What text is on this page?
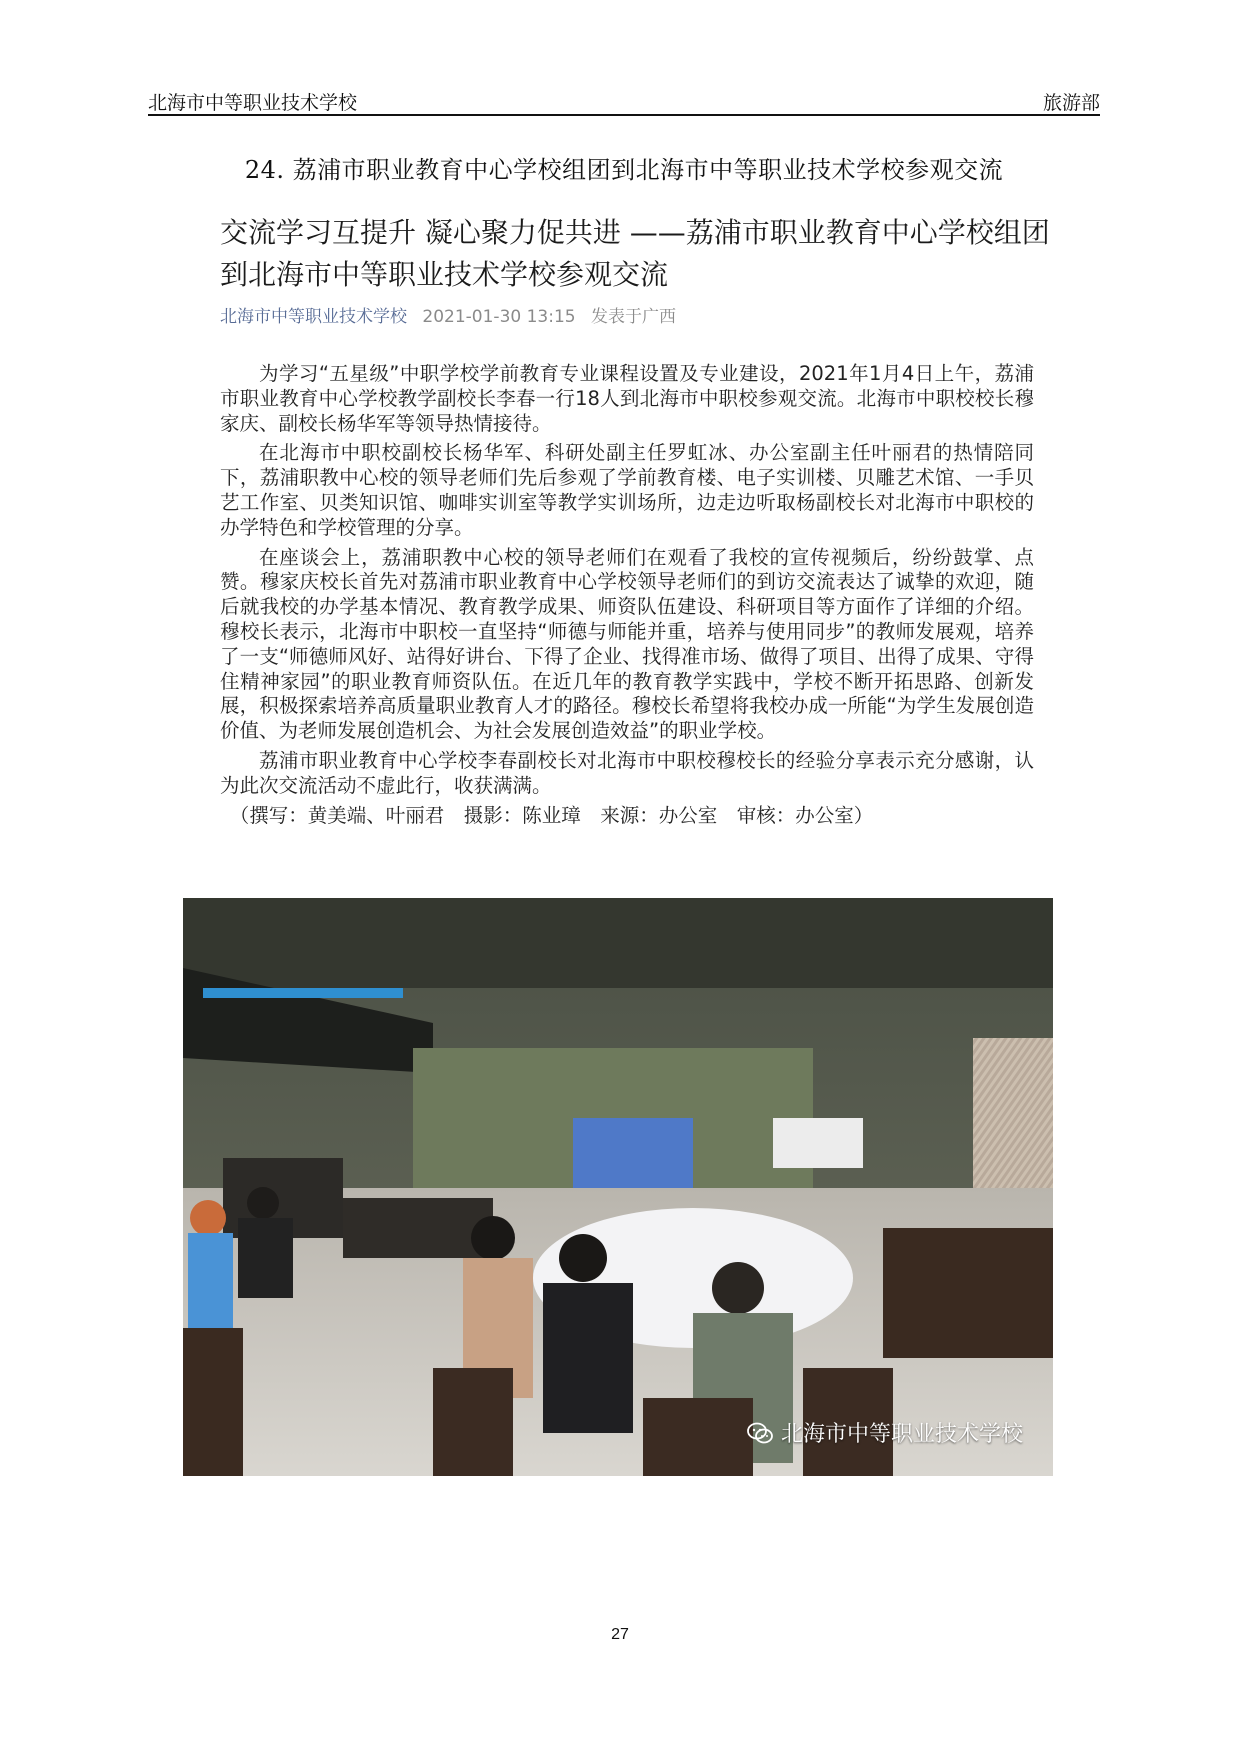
北海市中等职业技术学校	旅游部
24. 荔浦市职业教育中心学校组团到北海市中等职业技术学校参观交流
交流学习互提升 凝心聚力促共进 ——荔浦市职业教育中心学校组团到北海市中等职业技术学校参观交流
北海市中等职业技术学校 2021-01-30 13:15 发表于广西

为学习“五星级”中职学校学前教育专业课程设置及专业建设，2021年1月4日上午，荔浦市职业教育中心学校教学副校长李春一行18人到北海市中职校参观交流。北海市中职校校长穆家庆、副校长杨华军等领导热情接待。

在北海市中职校副校长杨华军、科研处副主任罗虹冰、办公室副主任叶丽君的热情陪同下，荔浦职教中心校的领导老师们先后参观了学前教育楼、电子实训楼、贝雕艺术馆、一手贝艺工作室、贝类知识馆、咖啡实训室等教学实训场所，边走边听取杨副校长对北海市中职校的办学特色和学校管理的分享。

在座谈会上，荔浦职教中心校的领导老师们在观看了我校的宣传视频后，纷纷鼓掌、点赞。穆家庆校长首先对荔浦市职业教育中心学校领导老师们的到访交流表达了诚挚的欢迎，随后就我校的办学基本情况、教育教学成果、师资队伍建设、科研项目等方面作了详细的介绍。穆校长表示，北海市中职校一直坚持“师德与师能并重，培养与使用同步”的教师发展观，培养了一支“师德师风好、站得好讲台、下得了企业、找得准市场、做得了项目、出得了成果、守得住精神家园”的职业教育师资队伍。在近几年的教育教学实践中，学校不断开拓思路、创新发展，积极探索培养高质量职业教育人才的路径。穆校长希望将我校办成一所能“为学生发展创造价值、为老师发展创造机会、为社会发展创造效益”的职业学校。

荔浦市职业教育中心学校李春副校长对北海市中职校穆校长的经验分享表示充分感谢，认为此次交流活动不虚此行，收获满满。

（撰写：黄美端、叶丽君　摄影：陈业璋　来源：办公室　审核：办公室）

北海市中等职业技术学校
27
